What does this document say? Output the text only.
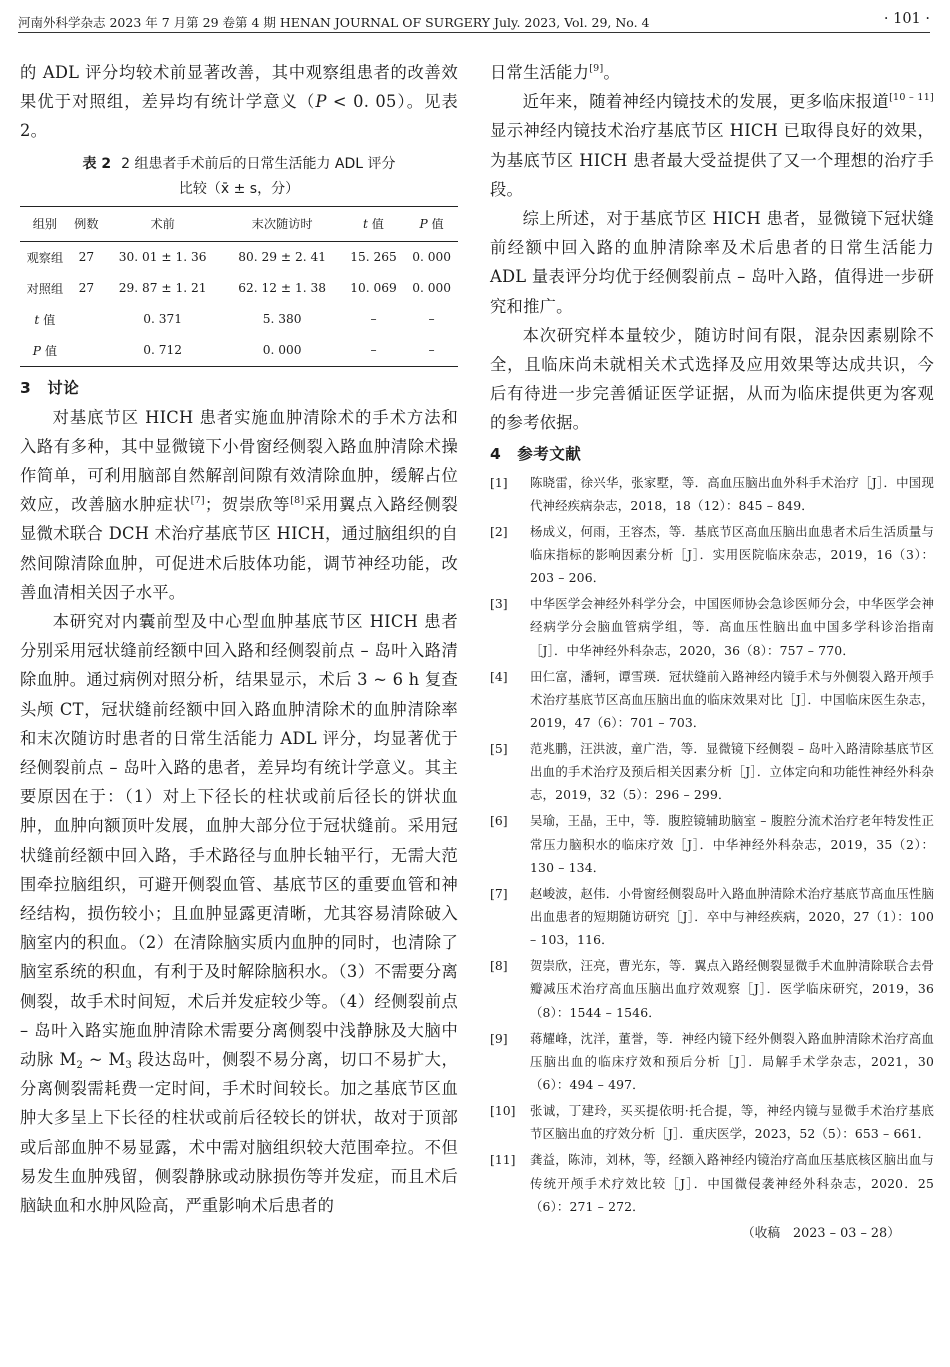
河南外科学杂志 2023 年 7 月第 29 卷第 4 期 HENAN JOURNAL OF SURGERY July. 2023, Vol. 29, No. 4	· 101 ·

的 ADL 评分均较术前显著改善，其中观察组患者的改善效果优于对照组，差异均有统计学意义（P < 0. 05）。见表 2。

表 2 2 组患者手术前后的日常生活能力 ADL 评分
比较（x̄ ± s，分）
组别	例数	术前	末次随访时	t 值	P 值
观察组	27	30. 01 ± 1. 36	80. 29 ± 2. 41	15. 265	0. 000
对照组	27	29. 87 ± 1. 21	62. 12 ± 1. 38	10. 069	0. 000
t 值		0. 371	5. 380	–	–
P 值		0. 712	0. 000	–	–
3 讨论

对基底节区 HICH 患者实施血肿清除术的手术方法和入路有多种，其中显微镜下小骨窗经侧裂入路血肿清除术操作简单，可利用脑部自然解剖间隙有效清除血肿，缓解占位效应，改善脑水肿症状[7]；贺崇欣等[8]采用翼点入路经侧裂显微术联合 DCH 术治疗基底节区 HICH，通过脑组织的自然间隙清除血肿，可促进术后肢体功能，调节神经功能，改善血清相关因子水平。

本研究对内囊前型及中心型血肿基底节区 HICH 患者分别采用冠状缝前经额中回入路和经侧裂前点 – 岛叶入路清除血肿。通过病例对照分析，结果显示，术后 3 ~ 6 h 复查头颅 CT，冠状缝前经额中回入路血肿清除术的血肿清除率和末次随访时患者的日常生活能力 ADL 评分，均显著优于经侧裂前点 – 岛叶入路的患者，差异均有统计学意义。其主要原因在于：（1）对上下径长的柱状或前后径长的饼状血肿，血肿向额顶叶发展，血肿大部分位于冠状缝前。采用冠状缝前经额中回入路，手术路径与血肿长轴平行，无需大范围牵拉脑组织，可避开侧裂血管、基底节区的重要血管和神经结构，损伤较小；且血肿显露更清晰，尤其容易清除破入脑室内的积血。（2）在清除脑实质内血肿的同时，也清除了脑室系统的积血，有利于及时解除脑积水。（3）不需要分离侧裂，故手术时间短，术后并发症较少等。（4）经侧裂前点 – 岛叶入路实施血肿清除术需要分离侧裂中浅静脉及大脑中动脉 $M_2$ ~ $M_3$ 段达岛叶，侧裂不易分离，切口不易扩大，分离侧裂需耗费一定时间，手术时间较长。加之基底节区血肿大多呈上下长径的柱状或前后径较长的饼状，故对于顶部或后部血肿不易显露，术中需对脑组织较大范围牵拉。不但易发生血肿残留，侧裂静脉或动脉损伤等并发症，而且术后脑缺血和水肿风险高，严重影响术后患者的

日常生活能力[9]。

近年来，随着神经内镜技术的发展，更多临床报道[10 – 11]显示神经内镜技术治疗基底节区 HICH 已取得良好的效果，为基底节区 HICH 患者最大受益提供了又一个理想的治疗手段。

综上所述，对于基底节区 HICH 患者，显微镜下冠状缝前经额中回入路的血肿清除率及术后患者的日常生活能力 ADL 量表评分均优于经侧裂前点 – 岛叶入路，值得进一步研究和推广。

本次研究样本量较少，随访时间有限，混杂因素剔除不全，且临床尚未就相关术式选择及应用效果等达成共识，今后有待进一步完善循证医学证据，从而为临床提供更为客观的参考依据。

4 参考文献
[1]	陈晓雷，徐兴华，张家墅，等．高血压脑出血外科手术治疗［J］．中国现代神经疾病杂志，2018，18（12）：845 – 849．
[2]	杨成义，何雨，王容杰，等．基底节区高血压脑出血患者术后生活质量与临床指标的影响因素分析［J］．实用医院临床杂志，2019，16（3）：203 – 206．
[3]	中华医学会神经外科学分会，中国医师协会急诊医师分会，中华医学会神经病学分会脑血管病学组，等．高血压性脑出血中国多学科诊治指南［J］．中华神经外科杂志，2020，36（8）：757 – 770．
[4]	田仁富，潘轲，谭雪瑛．冠状缝前入路神经内镜手术与外侧裂入路开颅手术治疗基底节区高血压脑出血的临床效果对比［J］．中国临床医生杂志，2019，47（6）：701 – 703．
[5]	范兆鹏，汪洪波，童广浩，等．显微镜下经侧裂 – 岛叶入路清除基底节区出血的手术治疗及预后相关因素分析［J］．立体定向和功能性神经外科杂志，2019，32（5）：296 – 299．
[6]	吴瑜，王晶，王中，等．腹腔镜辅助脑室 – 腹腔分流术治疗老年特发性正常压力脑积水的临床疗效［J］．中华神经外科杂志，2019，35（2）：130 – 134．
[7]	赵峻波，赵伟．小骨窗经侧裂岛叶入路血肿清除术治疗基底节高血压性脑出血患者的短期随访研究［J］．卒中与神经疾病，2020，27（1）：100 – 103，116．
[8]	贺崇欣，汪亮，曹光东，等．翼点入路经侧裂显微手术血肿清除联合去骨瓣减压术治疗高血压脑出血疗效观察［J］．医学临床研究，2019，36（8）：1544 – 1546．
[9]	蒋耀峰，沈洋，董誉，等．神经内镜下经外侧裂入路血肿清除术治疗高血压脑出血的临床疗效和预后分析［J］．局解手术学杂志，2021，30（6）：494 – 497．
[10]	张诚，丁建玲，买买提依明·托合提，等，神经内镜与显微手术治疗基底节区脑出血的疗效分析［J］．重庆医学，2023，52（5）：653 – 661．
[11]	龚益，陈沛，刘林，等，经额入路神经内镜治疗高血压基底核区脑出血与传统开颅手术疗效比较［J］．中国微侵袭神经外科杂志，2020．25（6）：271 – 272．
（收稿　2023 – 03 – 28）
